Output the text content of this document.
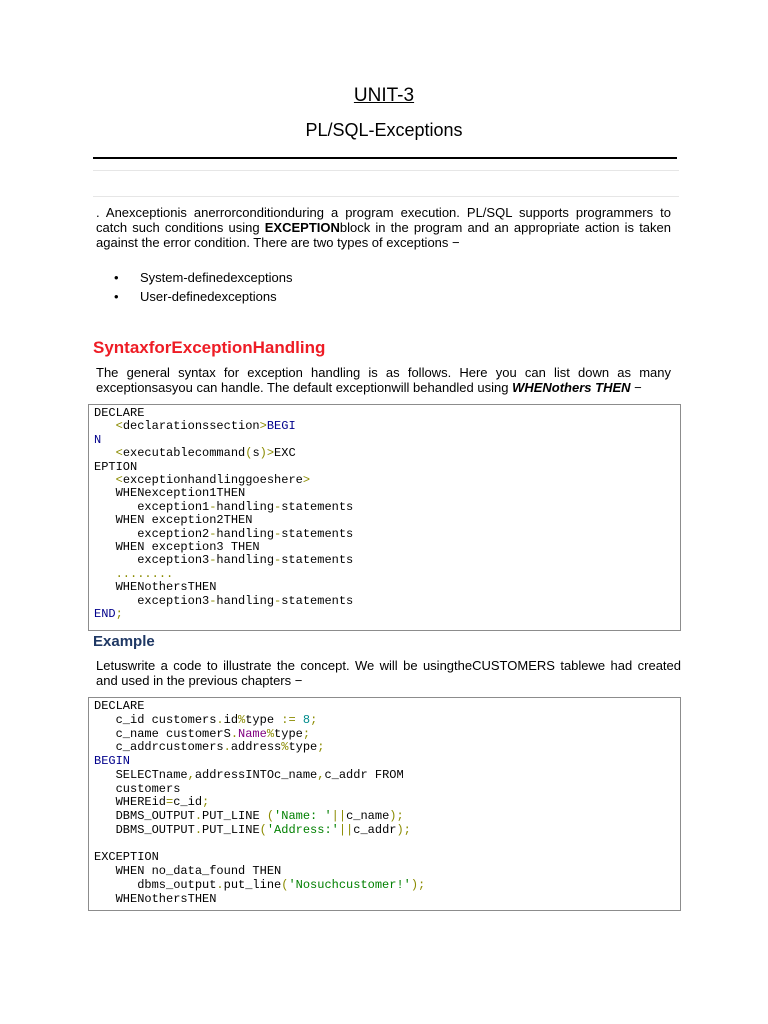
UNIT-3
PL/SQL-Exceptions
. Anexceptionis anerrorconditionduring a program execution. PL/SQL supports programmers to catch such conditions using EXCEPTIONblock in the program and an appropriate action is taken against the error condition. There are two types of exceptions −
•	System-definedexceptions
•	User-definedexceptions
SyntaxforExceptionHandling
The general syntax for exception handling is as follows. Here you can list down as many exceptionsasyou can handle. The default exceptionwill behandled using WHENothers THEN −
DECLARE
<declarationssection>BEGI
N
<executablecommand(s)>EXC
EPTION
<exceptionhandlinggoeshere>
WHENexception1THEN
exception1-handling-statements
WHEN exception2THEN
exception2-handling-statements
WHEN exception3 THEN
exception3-handling-statements
........
WHENothersTHEN
exception3-handling-statements
END;
Example
Letuswrite a code to illustrate the concept. We will be usingtheCUSTOMERS tablewe had created and used in the previous chapters −
DECLARE
c_id customers.id%type := 8;
c_name customerS.Name%type;
c_addrcustomers.address%type;
BEGIN
SELECTname,addressINTOc_name,c_addr FROM
customers
WHEREid=c_id;
DBMS_OUTPUT.PUT_LINE ('Name: '||c_name);
DBMS_OUTPUT.PUT_LINE('Address:'||c_addr);

EXCEPTION
WHEN no_data_found THEN
dbms_output.put_line('Nosuchcustomer!');
WHENothersTHEN
